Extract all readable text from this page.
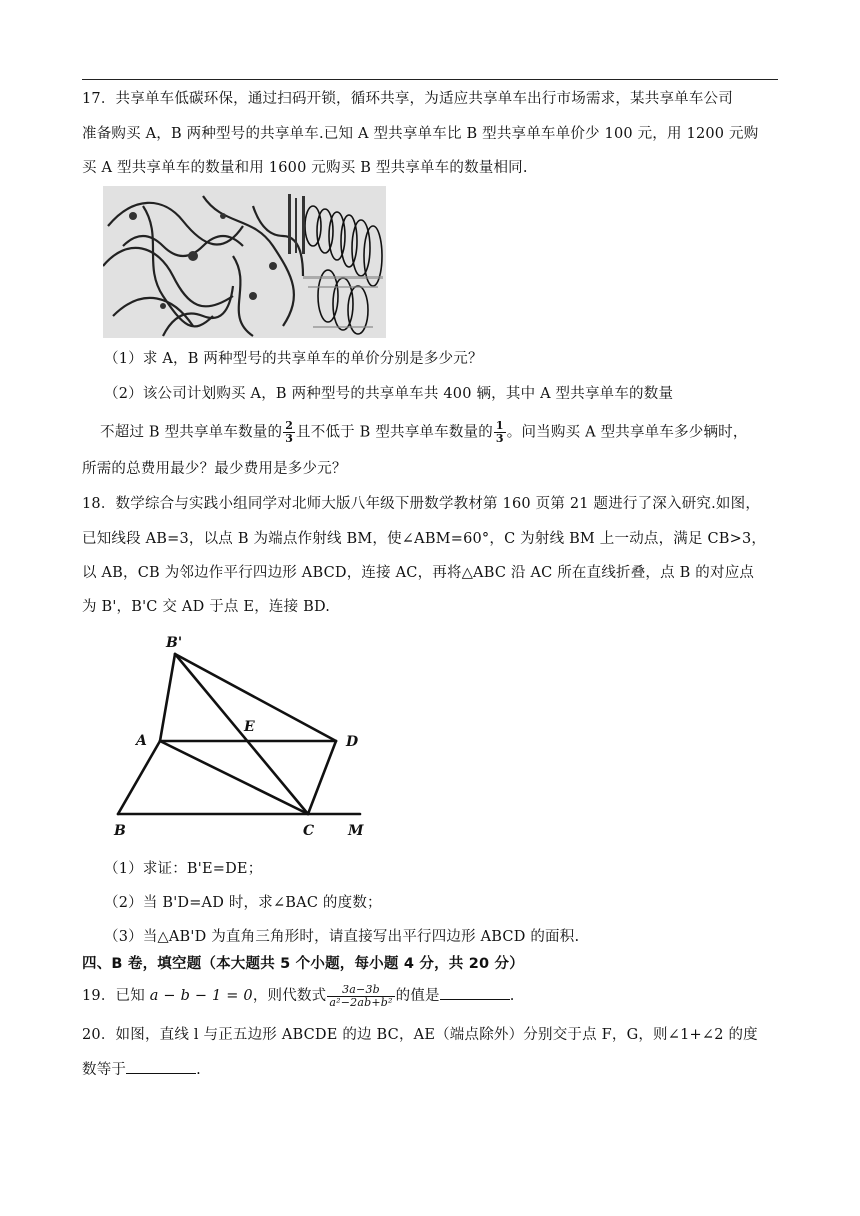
17．共享单车低碳环保，通过扫码开锁，循环共享，为适应共享单车出行市场需求，某共享单车公司
准备购买 A，B 两种型号的共享单车.已知 A 型共享单车比 B 型共享单车单价少 100 元，用 1200 元购
买 A 型共享单车的数量和用 1600 元购买 B 型共享单车的数量相同.
（1）求 A，B 两种型号的共享单车的单价分别是多少元？
（2）该公司计划购买 A，B 两种型号的共享单车共 400 辆，其中 A 型共享单车的数量
不超过 B 型共享单车数量的 $\frac{2}{3}$ 且不低于 B 型共享单车数量的 $\frac{1}{3}$ 。问当购买 A 型共享单车多少辆时，
所需的总费用最少？最少费用是多少元？
18．数学综合与实践小组同学对北师大版八年级下册数学教材第 160 页第 21 题进行了深入研究.如图，
已知线段 AB=3，以点 B 为端点作射线 BM，使∠ABM=60°，C 为射线 BM 上一动点，满足 CB>3，
以 AB，CB 为邻边作平行四边形 ABCD，连接 AC，再将△ABC 沿 AC 所在直线折叠，点 B 的对应点
为 B'，B'C 交 AD 于点 E，连接 BD.
B'
A
E
D
B	C M
（1）求证：B'E=DE；
（2）当 B'D=AD 时，求∠BAC 的度数；
（3）当△AB'D 为直角三角形时，请直接写出平行四边形 ABCD 的面积.
四、B 卷，填空题（本大题共 5 个小题，每小题 4 分，共 20 分）
19．已知 a − b − 1 = 0，则代数式 $\frac{3a-3b}{\text{a²−2ab+b²}}$ 的值是	.
20．如图，直线 l 与正五边形 ABCDE 的边 BC，AE（端点除外）分别交于点 F，G，则∠1+∠2 的度
数等于	.
